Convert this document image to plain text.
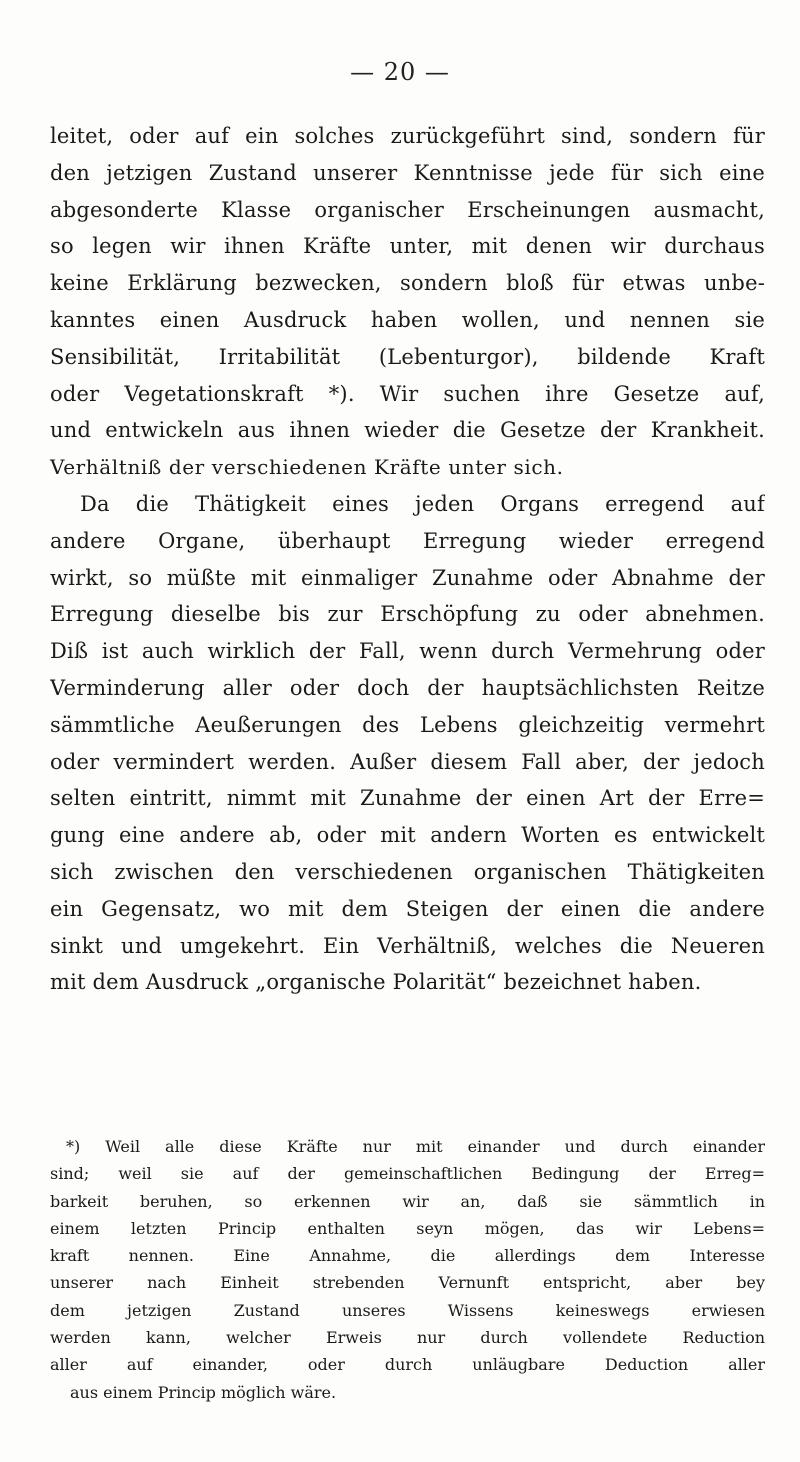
— 20 —
leitet, oder auf ein solches zurückgeführt sind, sondern für
den jetzigen Zustand unserer Kenntnisse jede für sich eine
abgesonderte Klasse organischer Erscheinungen ausmacht,
so legen wir ihnen Kräfte unter, mit denen wir durchaus
keine Erklärung bezwecken, sondern bloß für etwas unbe-
kanntes einen Ausdruck haben wollen, und nennen sie
Sensibilität, Irritabilität (Lebenturgor), bildende Kraft
oder Vegetationskraft *). Wir suchen ihre Gesetze auf,
und entwickeln aus ihnen wieder die Gesetze der Krankheit.
Verhältniß der verschiedenen Kräfte unter sich.
Da die Thätigkeit eines jeden Organs erregend auf
andere Organe, überhaupt Erregung wieder erregend
wirkt, so müßte mit einmaliger Zunahme oder Abnahme der
Erregung dieselbe bis zur Erschöpfung zu oder abnehmen.
Diß ist auch wirklich der Fall, wenn durch Vermehrung oder
Verminderung aller oder doch der hauptsächlichsten Reitze
sämmtliche Aeußerungen des Lebens gleichzeitig vermehrt
oder vermindert werden. Außer diesem Fall aber, der jedoch
selten eintritt, nimmt mit Zunahme der einen Art der Erre=
gung eine andere ab, oder mit andern Worten es entwickelt
sich zwischen den verschiedenen organischen Thätigkeiten
ein Gegensatz, wo mit dem Steigen der einen die andere
sinkt und umgekehrt. Ein Verhältniß, welches die Neueren
mit dem Ausdruck „organische Polarität“ bezeichnet haben.
*) Weil alle diese Kräfte nur mit einander und durch einander
sind; weil sie auf der gemeinschaftlichen Bedingung der Erreg=
barkeit beruhen, so erkennen wir an, daß sie sämmtlich in
einem letzten Princip enthalten seyn mögen, das wir Lebens=
kraft nennen. Eine Annahme, die allerdings dem Interesse
unserer nach Einheit strebenden Vernunft entspricht, aber bey
dem jetzigen Zustand unseres Wissens keineswegs erwiesen
werden kann, welcher Erweis nur durch vollendete Reduction
aller auf einander, oder durch unläugbare Deduction aller
aus einem Princip möglich wäre.
